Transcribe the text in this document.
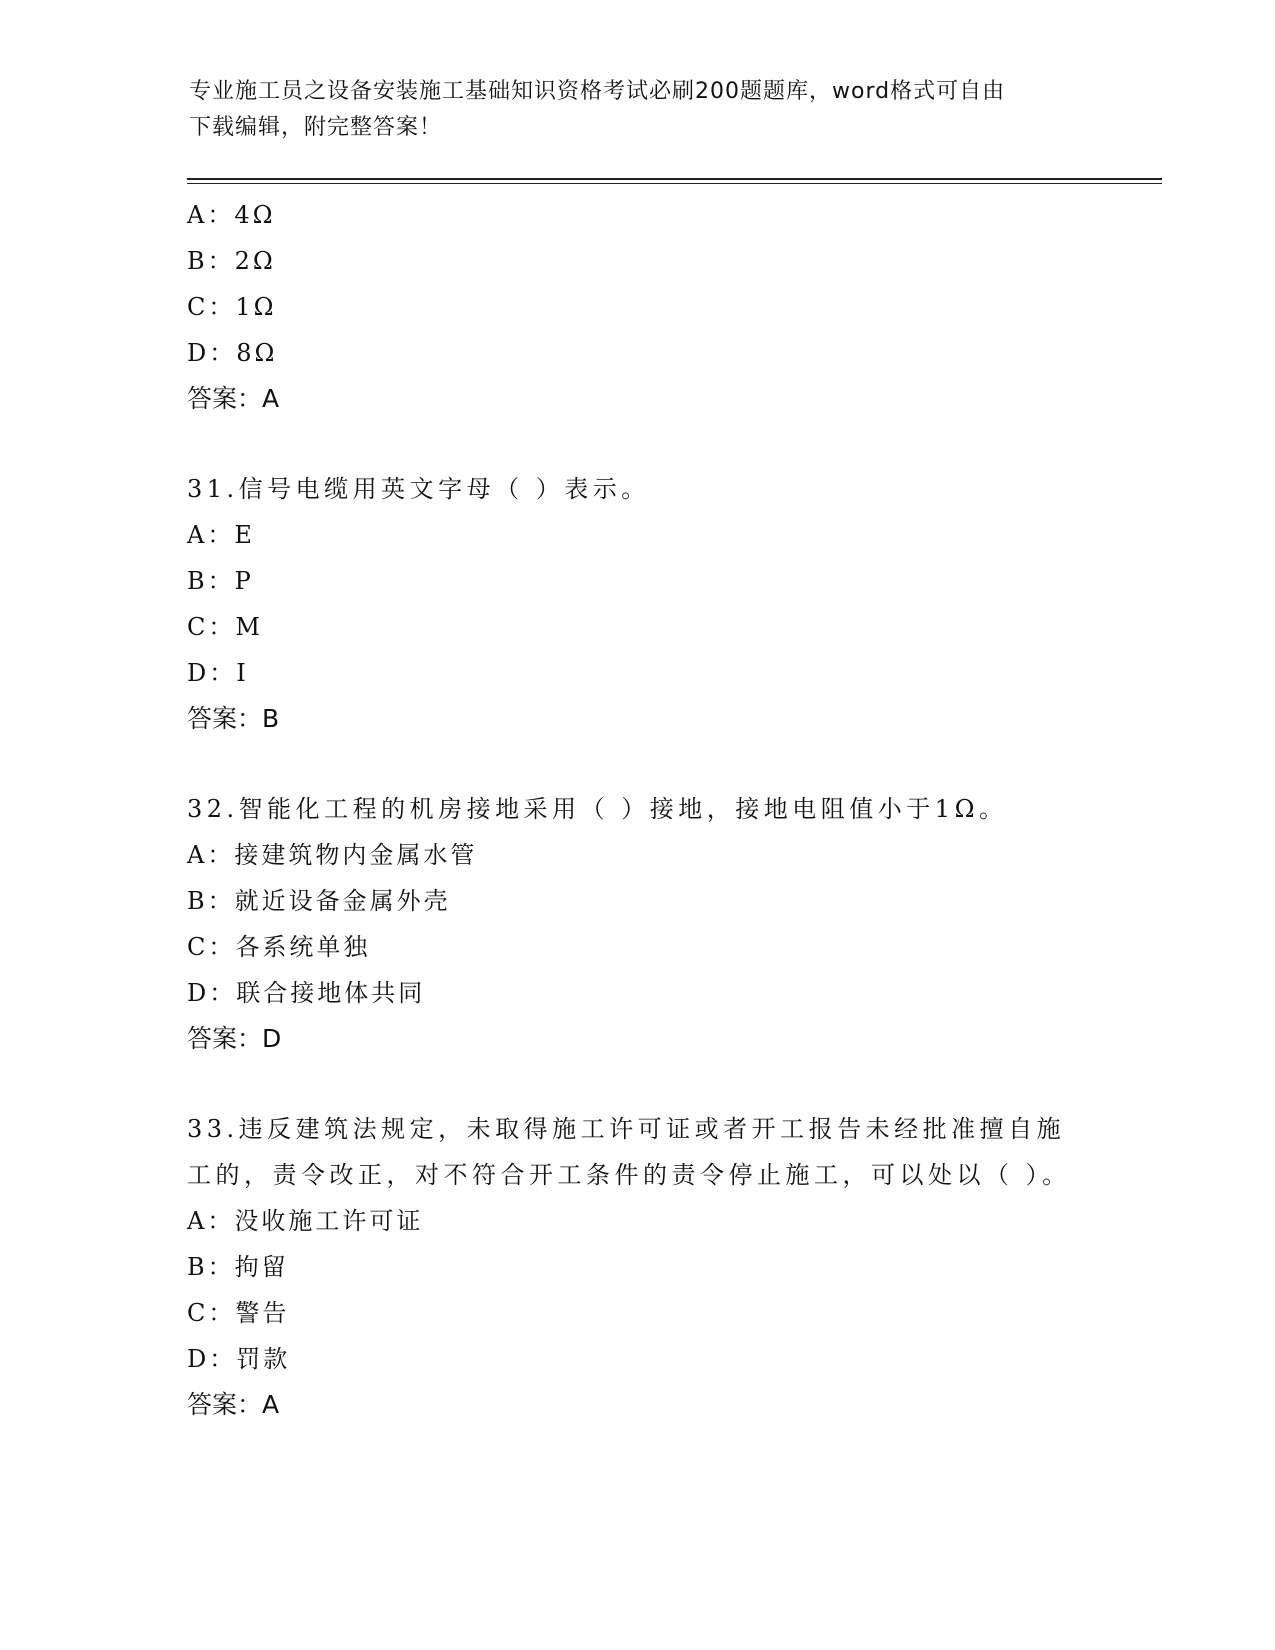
专业施工员之设备安装施工基础知识资格考试必刷200题题库，word格式可自由
下载编辑，附完整答案！
A：4Ω
B：2Ω
C：1Ω
D：8Ω
答案：A
31.信号电缆用英文字母（ ）表示。
A：E
B：P
C：M
D：I
答案：B
32.智能化工程的机房接地采用（ ）接地，接地电阻值小于1Ω。
A：接建筑物内金属水管
B：就近设备金属外壳
C：各系统单独
D：联合接地体共同
答案：D
33.违反建筑法规定，未取得施工许可证或者开工报告未经批准擅自施工的，责令改正，对不符合开工条件的责令停止施工，可以处以（ ）。
A：没收施工许可证
B：拘留
C：警告
D：罚款
答案：A
